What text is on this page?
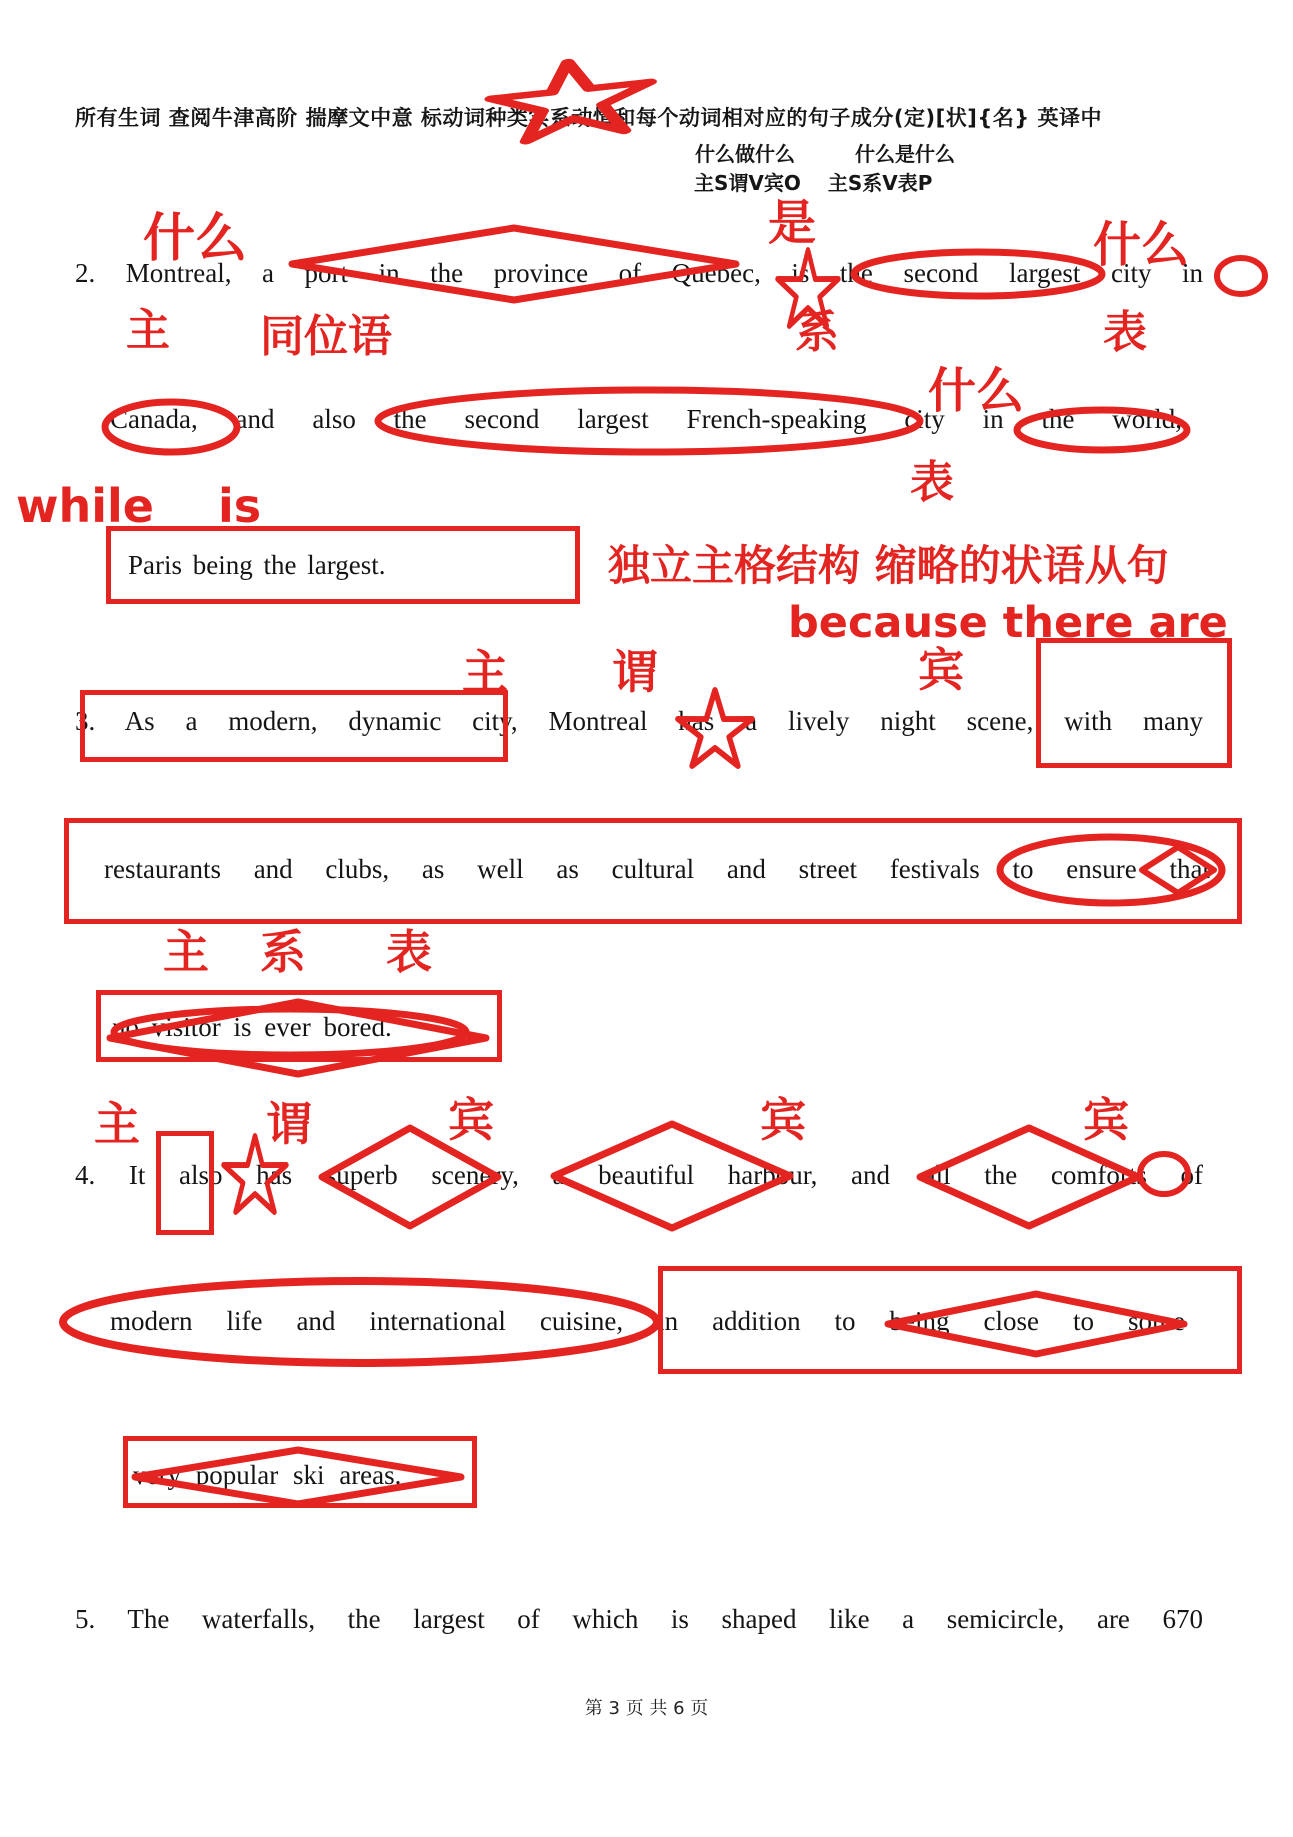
所有生词 查阅牛津高阶 揣摩文中意 标动词种类实系动情和每个动词相对应的句子成分(定)[状]{名} 英译中
什么做什么　　　什么是什么
主S谓V宾O　 主S系V表P
什么	是	什么
2. Montreal, a port in the province of Quebec, is the second largest city in
主 同位语	系	表
什么
Canada, and also the second largest French-speaking city in the world,
表
while    is
Paris being the largest.	独立主格结构 缩略的状语从句
because there are
主 谓	宾
3. As a modern, dynamic city, Montreal has a lively night scene, with many
restaurants and clubs, as well as cultural and street festivals to ensure that
主 系 表
no visitor is ever bored.
主	谓	宾	宾	宾
4. It also has superb scenery, a beautiful harbour, and all the comforts of
modern life and international cuisine, in addition to being close to some
very popular ski areas.
5. The waterfalls, the largest of which is shaped like a semicircle, are 670
第 3 页 共 6 页
